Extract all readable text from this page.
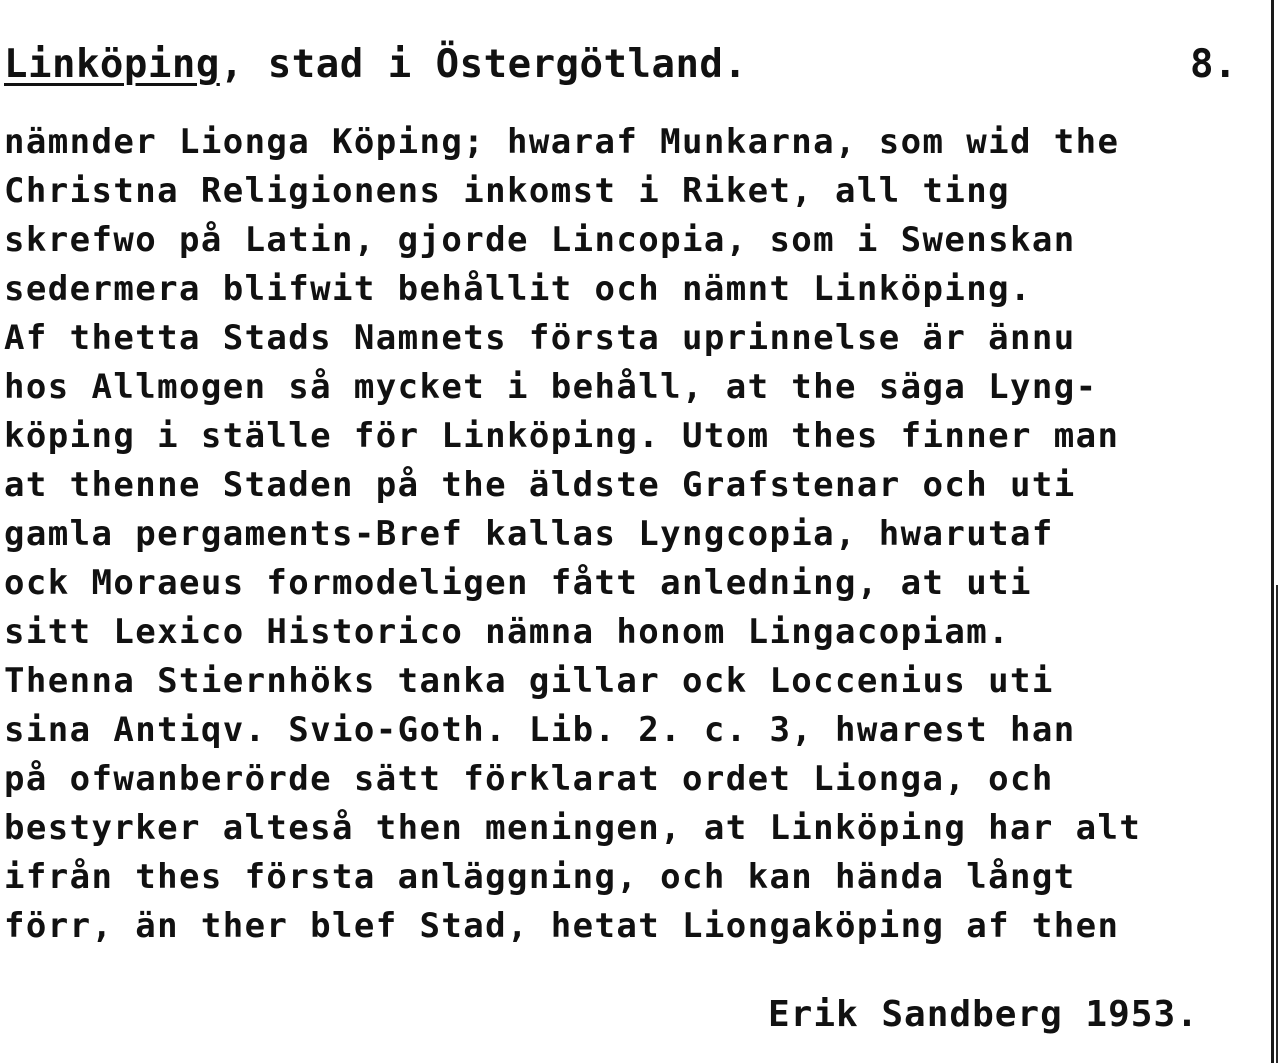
Linköping, stad i Östergötland.	8.
nämnder Lionga Köping; hwaraf Munkarna, som wid the
Christna Religionens inkomst i Riket, all ting
skrefwo på Latin, gjorde Lincopia, som i Swenskan
sedermera blifwit behållit och nämnt Linköping.
Af thetta Stads Namnets första uprinnelse är ännu
hos Allmogen så mycket i behåll, at the säga Lyng-
köping i ställe för Linköping. Utom thes finner man
at thenne Staden på the äldste Grafstenar och uti
gamla pergaments-Bref kallas Lyngcopia, hwarutaf
ock Moraeus formodeligen fått anledning, at uti
sitt Lexico Historico nämna honom Lingacopiam.
Thenna Stiernhöks tanka gillar ock Loccenius uti
sina Antiqv. Svio-Goth. Lib. 2. c. 3, hwarest han
på ofwanberörde sätt förklarat ordet Lionga, och
bestyrker alteså then meningen, at Linköping har alt
ifrån thes första anläggning, och kan hända långt
förr, än ther blef Stad, hetat Liongaköping af then
Erik Sandberg 1953.
